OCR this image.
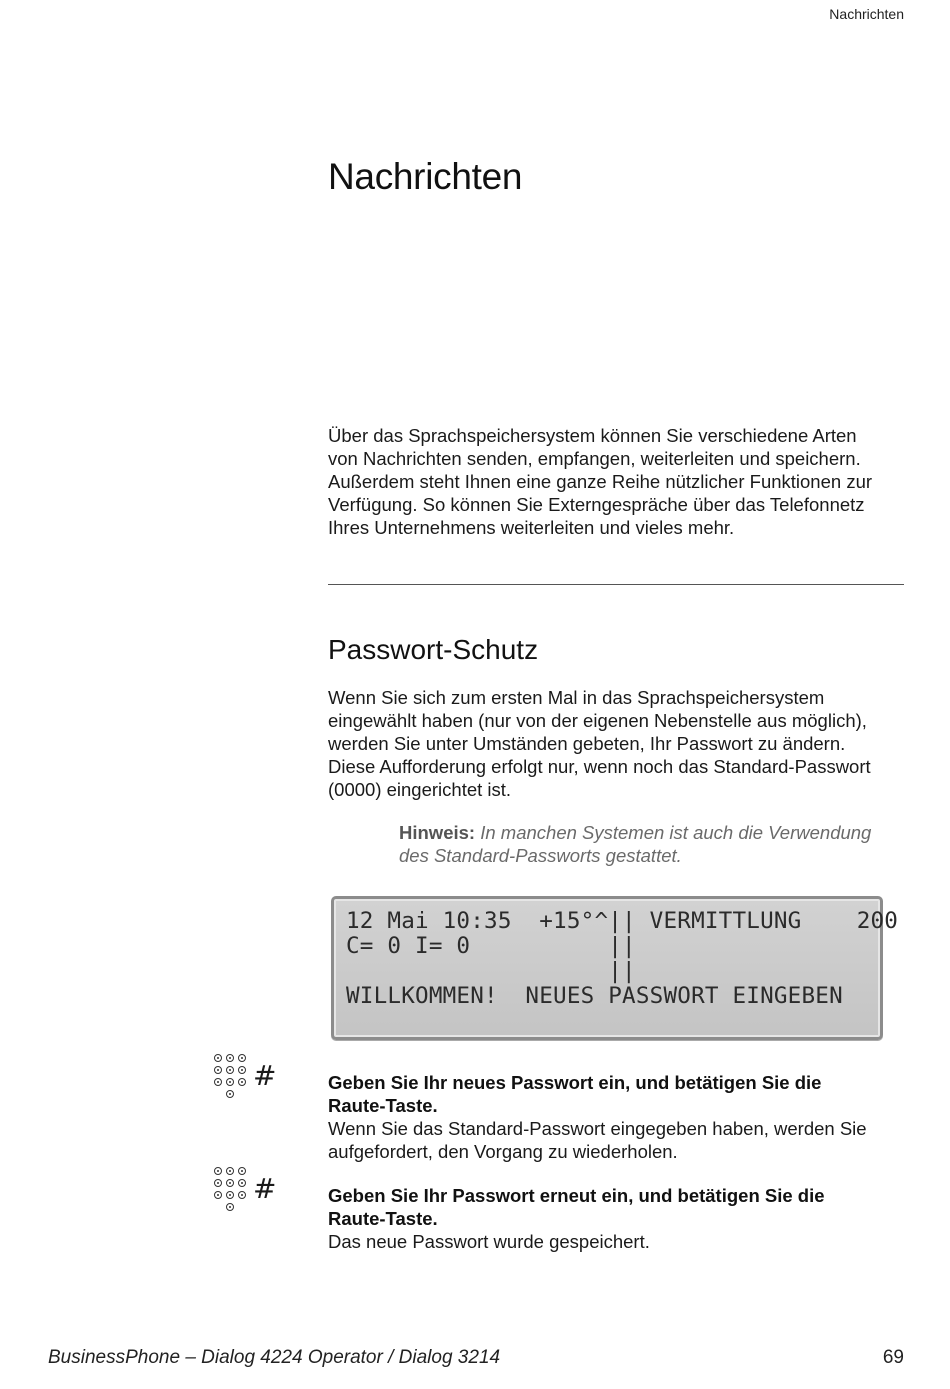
Nachrichten
Nachrichten
Über das Sprachspeichersystem können Sie verschiedene Arten
von Nachrichten senden, empfangen, weiterleiten und speichern.
Außerdem steht Ihnen eine ganze Reihe nützlicher Funktionen zur
Verfügung. So können Sie Externgespräche über das Telefonnetz
Ihres Unternehmens weiterleiten und vieles mehr.
Passwort-Schutz
Wenn Sie sich zum ersten Mal in das Sprachspeichersystem
eingewählt haben (nur von der eigenen Nebenstelle aus möglich),
werden Sie unter Umständen gebeten, Ihr Passwort zu ändern.
Diese Aufforderung erfolgt nur, wenn noch das Standard-Passwort
(0000) eingerichtet ist.
Hinweis: In manchen Systemen ist auch die Verwendung
des Standard-Passworts gestattet.
12 Mai 10:35  +15°^|| VERMITTLUNG    200
C= 0 I= 0          ||
||
WILLKOMMEN!  NEUES PASSWORT EINGEBEN
#	Geben Sie Ihr neues Passwort ein, und betätigen Sie die
Raute-Taste.
Wenn Sie das Standard-Passwort eingegeben haben, werden Sie
aufgefordert, den Vorgang zu wiederholen.
#	Geben Sie Ihr Passwort erneut ein, und betätigen Sie die
Raute-Taste.
Das neue Passwort wurde gespeichert.
BusinessPhone – Dialog 4224 Operator / Dialog 3214	69
